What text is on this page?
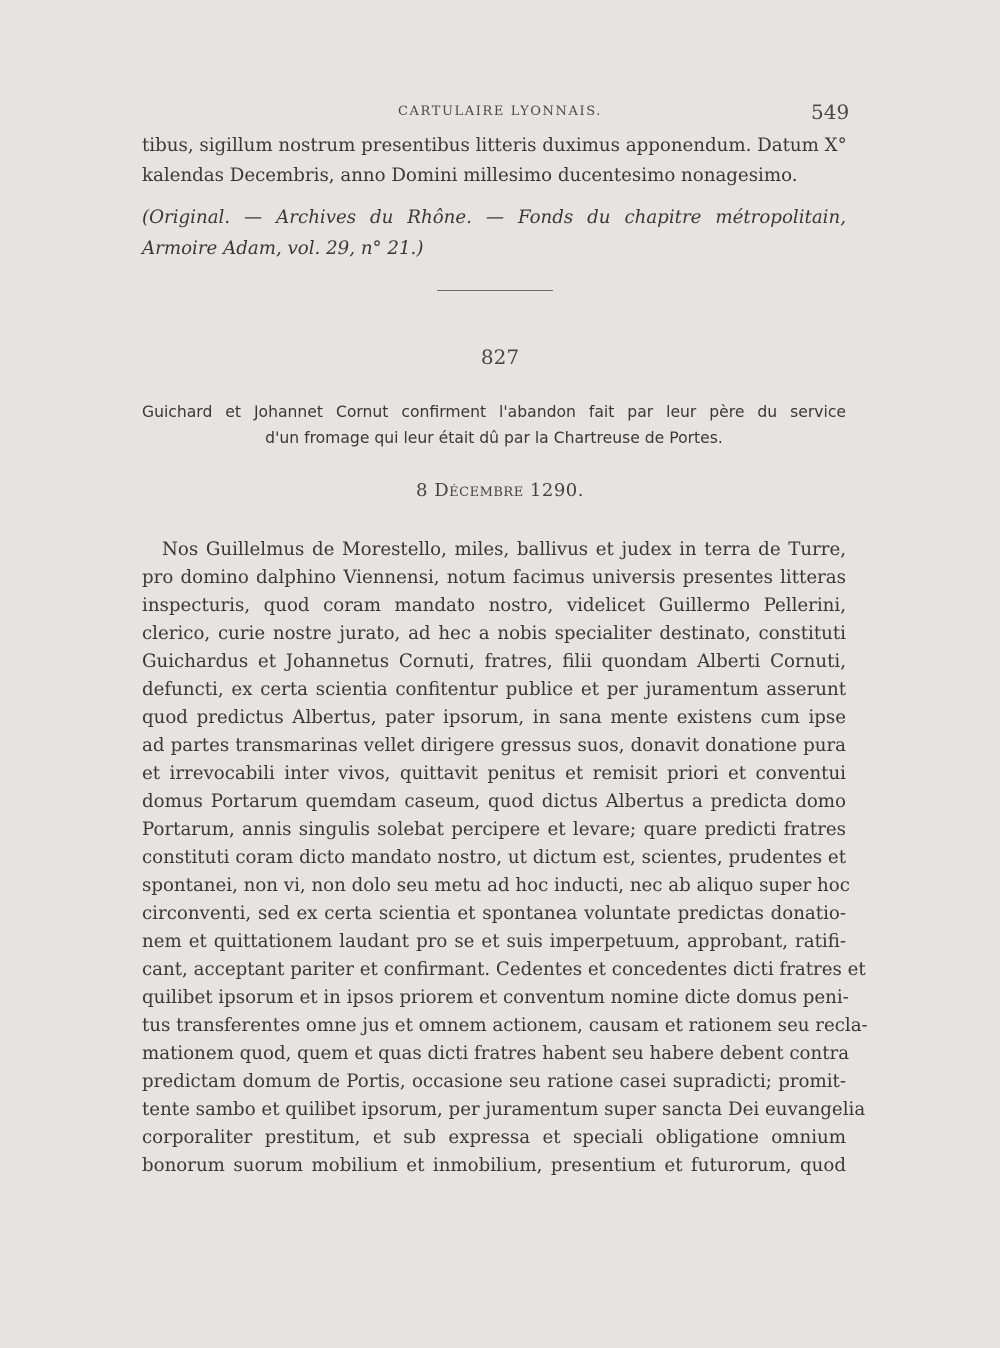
CARTULAIRE LYONNAIS.	549
tibus, sigillum nostrum presentibus litteris duximus apponendum. Datum X°
kalendas Decembris, anno Domini millesimo ducentesimo nonagesimo.
(Original. — Archives du Rhône. — Fonds du chapitre métropolitain,
Armoire Adam, vol. 29, n° 21.)
827
Guichard et Johannet Cornut confirment l'abandon fait par leur père du service
d'un fromage qui leur était dû par la Chartreuse de Portes.
8 Décembre 1290.
Nos Guillelmus de Morestello, miles, ballivus et judex in terra de Turre,
pro domino dalphino Viennensi, notum facimus universis presentes litteras
inspecturis, quod coram mandato nostro, videlicet Guillermo Pellerini,
clerico, curie nostre jurato, ad hec a nobis specialiter destinato, constituti
Guichardus et Johannetus Cornuti, fratres, filii quondam Alberti Cornuti,
defuncti, ex certa scientia confitentur publice et per juramentum asserunt
quod predictus Albertus, pater ipsorum, in sana mente existens cum ipse
ad partes transmarinas vellet dirigere gressus suos, donavit donatione pura
et irrevocabili inter vivos, quittavit penitus et remisit priori et conventui
domus Portarum quemdam caseum, quod dictus Albertus a predicta domo
Portarum, annis singulis solebat percipere et levare; quare predicti fratres
constituti coram dicto mandato nostro, ut dictum est, scientes, prudentes et
spontanei, non vi, non dolo seu metu ad hoc inducti, nec ab aliquo super hoc
circonventi, sed ex certa scientia et spontanea voluntate predictas donatio-
nem et quittationem laudant pro se et suis imperpetuum, approbant, ratifi-
cant, acceptant pariter et confirmant. Cedentes et concedentes dicti fratres et
quilibet ipsorum et in ipsos priorem et conventum nomine dicte domus peni-
tus transferentes omne jus et omnem actionem, causam et rationem seu recla-
mationem quod, quem et quas dicti fratres habent seu habere debent contra
predictam domum de Portis, occasione seu ratione casei supradicti; promit-
tente sambo et quilibet ipsorum, per juramentum super sancta Dei euvangelia
corporaliter prestitum, et sub expressa et speciali obligatione omnium
bonorum suorum mobilium et inmobilium, presentium et futurorum, quod
